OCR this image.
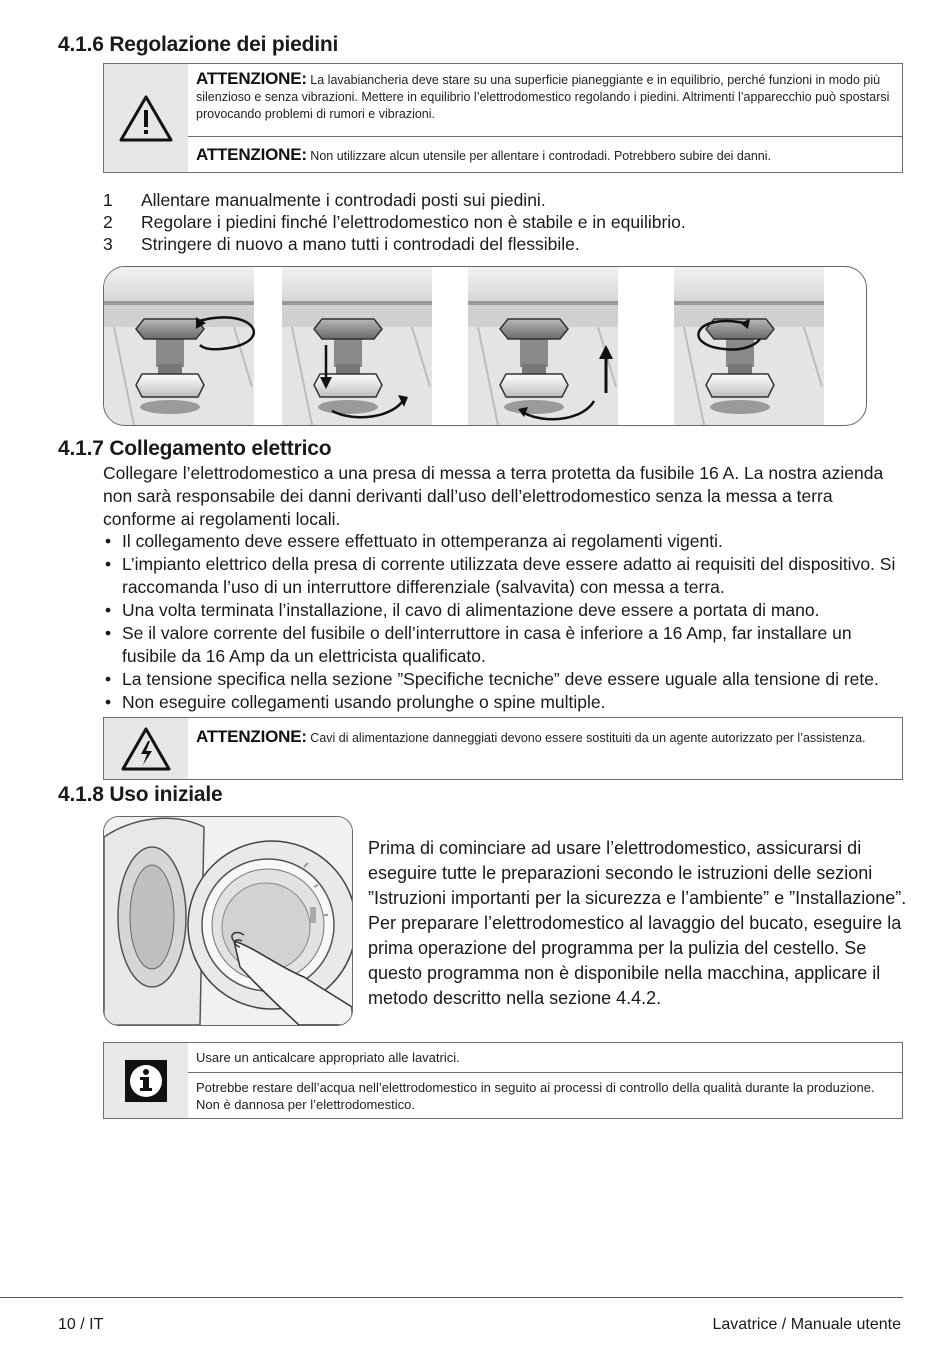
4.1.6 Regolazione dei piedini
ATTENZIONE: La lavabiancheria deve stare su una superficie pianeggiante e in equilibrio, perché funzioni in modo più silenzioso e senza vibrazioni. Mettere in equilibrio l’elettrodomestico regolando i piedini. Altrimenti l’apparecchio può spostarsi provocando problemi di rumori e vibrazioni.
ATTENZIONE: Non utilizzare alcun utensile per allentare i controdadi. Potrebbero subire dei danni.
1	Allentare manualmente i controdadi posti sui piedini.
2	Regolare i piedini finché l’elettrodomestico non è stabile e in equilibrio.
3	Stringere di nuovo a mano tutti i controdadi del flessibile.
4.1.7 Collegamento elettrico
Collegare l’elettrodomestico a una presa di messa a terra protetta da fusibile 16 A. La nostra azienda non sarà responsabile dei danni derivanti dall’uso dell’elettrodomestico senza la messa a terra conforme ai regolamenti locali.
• Il collegamento deve essere effettuato in ottemperanza ai regolamenti vigenti.
• L’impianto elettrico della presa di corrente utilizzata deve essere adatto ai requisiti del dispositivo. Si raccomanda l’uso di un interruttore differenziale (salvavita) con messa a terra.
• Una volta terminata l’installazione, il cavo di alimentazione deve essere a portata di mano.
• Se il valore corrente del fusibile o dell’interruttore in casa è inferiore a 16 Amp, far installare un fusibile da 16 Amp da un elettricista qualificato.
• La tensione specifica nella sezione ”Specifiche tecniche” deve essere uguale alla tensione di rete.
• Non eseguire collegamenti usando prolunghe o spine multiple.
ATTENZIONE: Cavi di alimentazione danneggiati devono essere sostituiti da un agente autorizzato per l’assistenza.
4.1.8 Uso iniziale
Prima di cominciare ad usare l’elettrodomestico, assicurarsi di eseguire tutte le preparazioni secondo le istruzioni delle sezioni ”Istruzioni importanti per la sicurezza e l’ambiente” e ”Installazione”. Per preparare l’elettrodomestico al lavaggio del bucato, eseguire la prima operazione del programma per la pulizia del cestello. Se questo programma non è disponibile nella macchina, applicare il metodo descritto nella sezione 4.4.2.
Usare un anticalcare appropriato alle lavatrici.
Potrebbe restare dell’acqua nell’elettrodomestico in seguito ai processi di controllo della qualità durante la produzione. Non è dannosa per l’elettrodomestico.
10 / IT	Lavatrice / Manuale utente
